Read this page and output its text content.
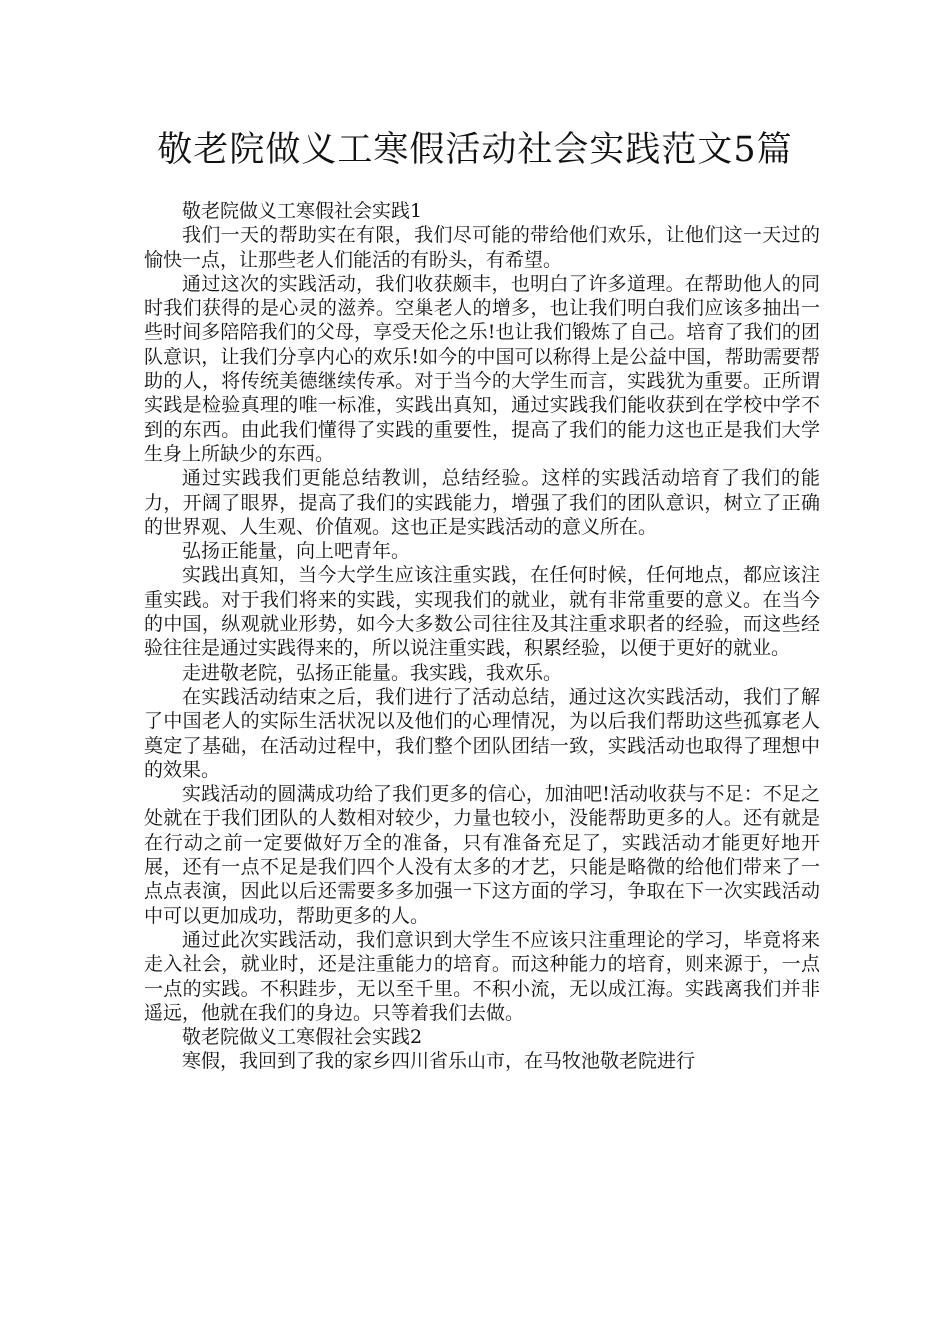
敬老院做义工寒假活动社会实践范文5篇

敬老院做义工寒假社会实践1

我们一天的帮助实在有限，我们尽可能的带给他们欢乐，让他们这一天过的愉快一点，让那些老人们能活的有盼头，有希望。

通过这次的实践活动，我们收获颇丰，也明白了许多道理。在帮助他人的同时我们获得的是心灵的滋养。空巢老人的增多，也让我们明白我们应该多抽出一些时间多陪陪我们的父母，享受天伦之乐!也让我们锻炼了自己。培育了我们的团队意识，让我们分享内心的欢乐!如今的中国可以称得上是公益中国，帮助需要帮助的人，将传统美德继续传承。对于当今的大学生而言，实践犹为重要。正所谓实践是检验真理的唯一标准，实践出真知，通过实践我们能收获到在学校中学不到的东西。由此我们懂得了实践的重要性，提高了我们的能力这也正是我们大学生身上所缺少的东西。

通过实践我们更能总结教训，总结经验。这样的实践活动培育了我们的能力，开阔了眼界，提高了我们的实践能力，增强了我们的团队意识，树立了正确的世界观、人生观、价值观。这也正是实践活动的意义所在。

弘扬正能量，向上吧青年。

实践出真知，当今大学生应该注重实践，在任何时候，任何地点，都应该注重实践。对于我们将来的实践，实现我们的就业，就有非常重要的意义。在当今的中国，纵观就业形势，如今大多数公司往往及其注重求职者的经验，而这些经验往往是通过实践得来的，所以说注重实践，积累经验，以便于更好的就业。

走进敬老院，弘扬正能量。我实践，我欢乐。

在实践活动结束之后，我们进行了活动总结，通过这次实践活动，我们了解了中国老人的实际生活状况以及他们的心理情况，为以后我们帮助这些孤寡老人奠定了基础，在活动过程中，我们整个团队团结一致，实践活动也取得了理想中的效果。

实践活动的圆满成功给了我们更多的信心，加油吧!活动收获与不足：不足之处就在于我们团队的人数相对较少，力量也较小，没能帮助更多的人。还有就是在行动之前一定要做好万全的准备，只有准备充足了，实践活动才能更好地开展，还有一点不足是我们四个人没有太多的才艺，只能是略微的给他们带来了一点点表演，因此以后还需要多多加强一下这方面的学习，争取在下一次实践活动中可以更加成功，帮助更多的人。

通过此次实践活动，我们意识到大学生不应该只注重理论的学习，毕竟将来走入社会，就业时，还是注重能力的培育。而这种能力的培育，则来源于，一点一点的实践。不积跬步，无以至千里。不积小流，无以成江海。实践离我们并非遥远，他就在我们的身边。只等着我们去做。

敬老院做义工寒假社会实践2

寒假，我回到了我的家乡四川省乐山市，在马牧池敬老院进行
